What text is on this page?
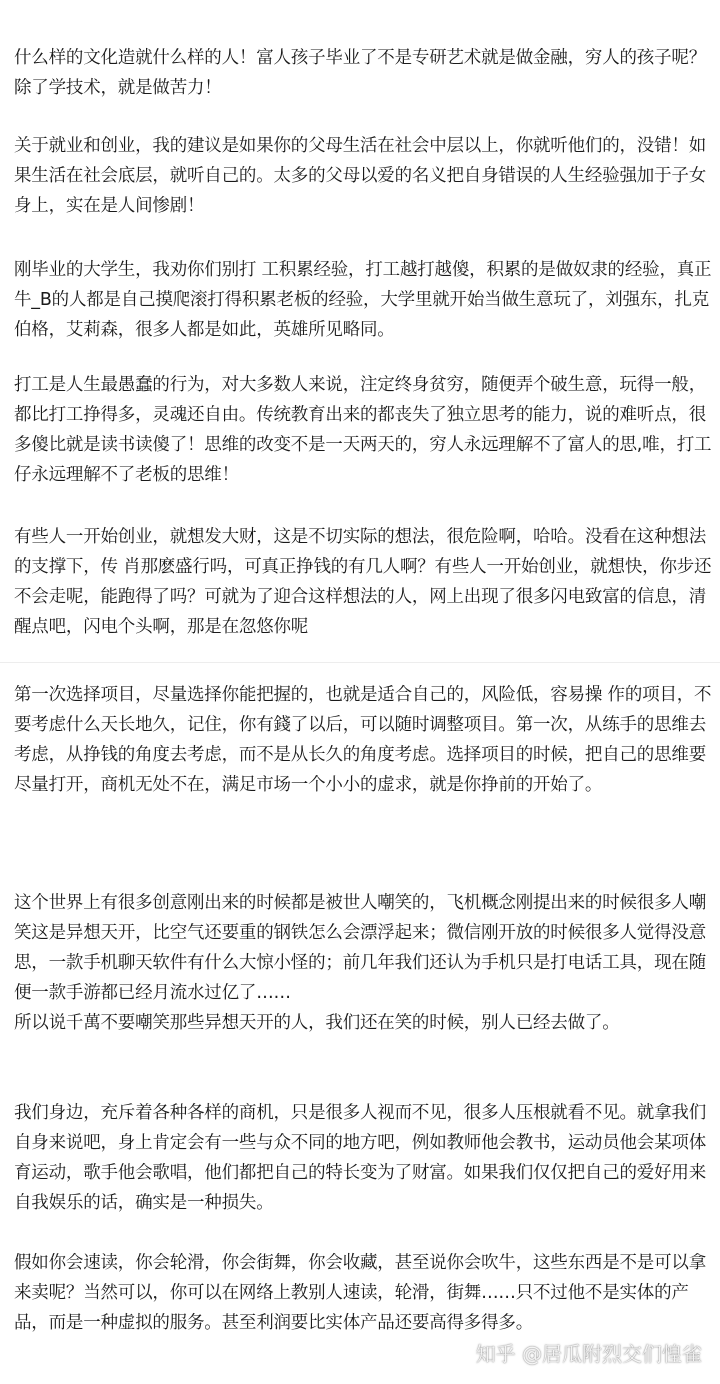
什么样的文化造就什么样的人！富人孩子毕业了不是专研艺术就是做金融，穷人的孩子呢？除了学技术，就是做苦力！

关于就业和创业，我的建议是如果你的父母生活在社会中层以上，你就听他们的，没错！如果生活在社会底层，就听自己的。太多的父母以爱的名义把自身错误的人生经验强加于子女身上，实在是人间惨剧！

刚毕业的大学生，我劝你们别打 工积累经验，打工越打越傻，积累的是做奴隶的经验，真正牛_B的人都是自己摸爬滚打得积累老板的经验，大学里就开始当做生意玩了，刘强东，扎克伯格，艾莉森，很多人都是如此，英雄所见略同。

打工是人生最愚蠢的行为，对大多数人来说，注定终身贫穷，随便弄个破生意，玩得一般，都比打工挣得多，灵魂还自由。传统教育出来的都丧失了独立思考的能力，说的难听点，很多傻比就是读书读傻了！思维的改变不是一天两天的，穷人永远理解不了富人的思,唯，打工仔永远理解不了老板的思维！

有些人一开始创业，就想发大财，这是不切实际的想法，很危险啊，哈哈。没看在这种想法的支撑下，传 肖那麽盛行吗，可真正挣钱的有几人啊？有些人一开始创业，就想快，你步还不会走呢，能跑得了吗？可就为了迎合这样想法的人，网上出现了很多闪电致富的信息，清醒点吧，闪电个头啊，那是在忽悠你呢

第一次选择项目，尽量选择你能把握的，也就是适合自己的，风险低，容易操 作的项目，不要考虑什么天长地久，记住，你有錢了以后，可以随时调整项目。第一次，从练手的思维去考虑，从挣钱的角度去考虑，而不是从长久的角度考虑。选择项目的时候，把自己的思维要尽量打开，商机无处不在，满足市场一个小小的虚求，就是你挣前的开始了。

这个世界上有很多创意刚出来的时候都是被世人嘲笑的，飞机概念刚提出来的时候很多人嘲笑这是异想天开，比空气还要重的钢铁怎么会漂浮起来；微信刚开放的时候很多人觉得没意思，一款手机聊天软件有什么大惊小怪的；前几年我们还认为手机只是打电话工具，现在随便一款手游都已经月流水过亿了……
所以说千萬不要嘲笑那些异想天开的人，我们还在笑的时候，别人已经去做了。

我们身边，充斥着各种各样的商机，只是很多人视而不见，很多人压根就看不见。就拿我们自身来说吧，身上肯定会有一些与众不同的地方吧，例如教师他会教书，运动员他会某项体育运动，歌手他会歌唱，他们都把自己的特长变为了财富。如果我们仅仅把自己的爱好用来自我娱乐的话，确实是一种损失。

假如你会速读，你会轮滑，你会街舞，你会收藏，甚至说你会吹牛，这些东西是不是可以拿来卖呢？当然可以，你可以在网络上教别人速读，轮滑，街舞……只不过他不是实体的产品，而是一种虚拟的服务。甚至利润要比实体产品还要高得多得多。

知乎 @居瓜附烈交们惶雀
